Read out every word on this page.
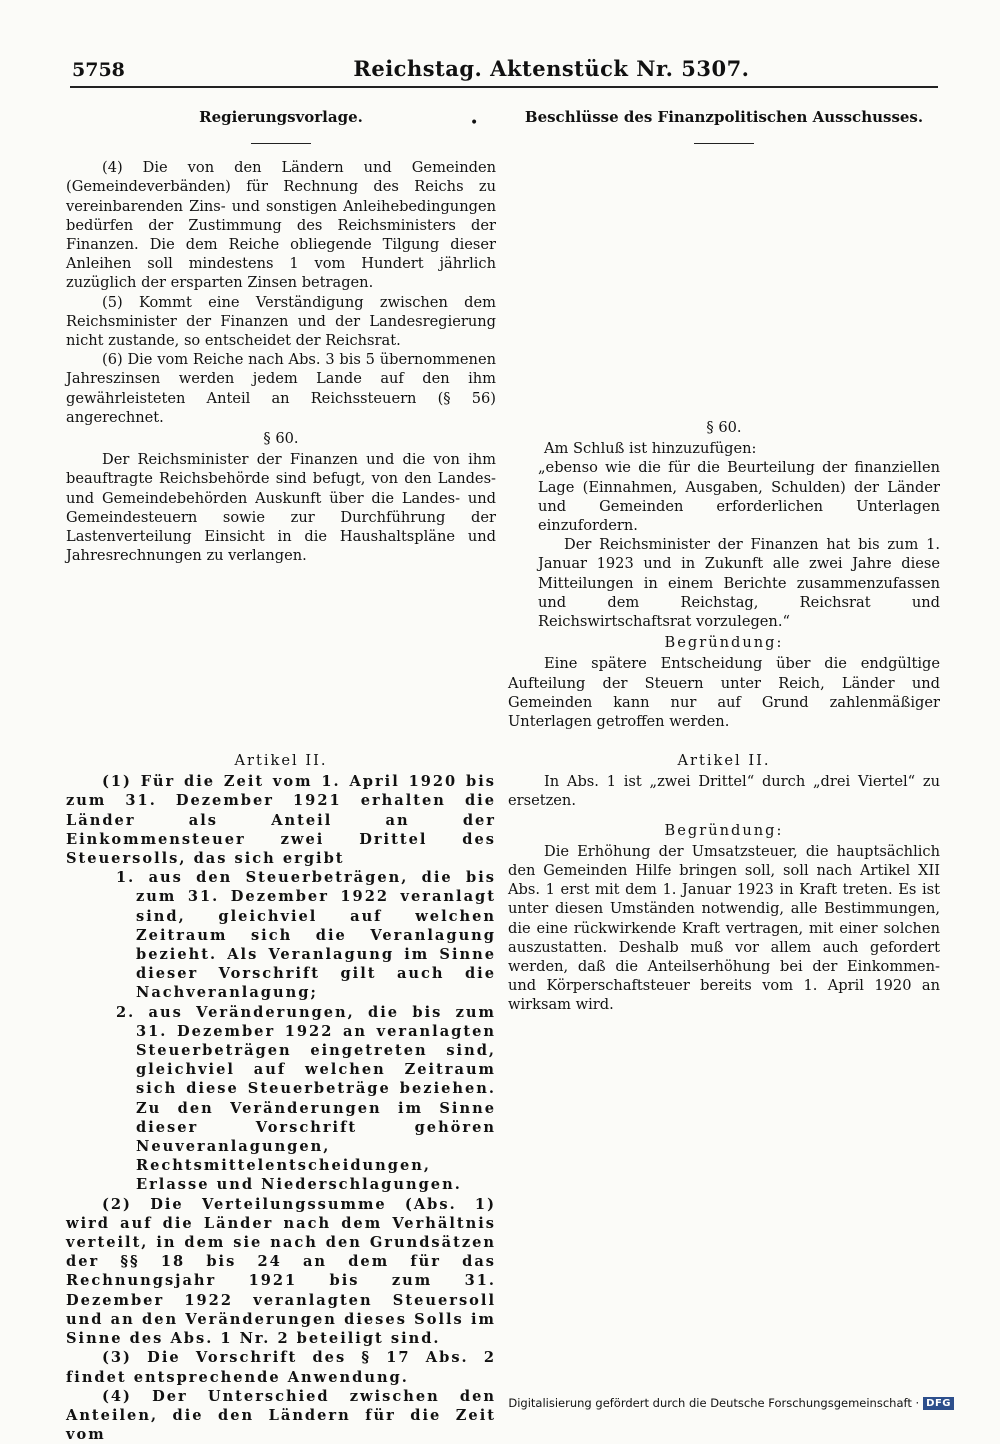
5758	Reichstag. Aktenstück Nr. 5307.
•
Regierungsvorlage.

(4) Die von den Ländern und Gemeinden (Gemeindeverbänden) für Rechnung des Reichs zu vereinbarenden Zins- und sonstigen Anleihebedingungen bedürfen der Zustimmung des Reichsministers der Finanzen. Die dem Reiche obliegende Tilgung dieser Anleihen soll mindestens 1 vom Hundert jährlich zuzüglich der ersparten Zinsen betragen.

(5) Kommt eine Verständigung zwischen dem Reichsminister der Finanzen und der Landesregierung nicht zustande, so entscheidet der Reichsrat.

(6) Die vom Reiche nach Abs. 3 bis 5 übernommenen Jahreszinsen werden jedem Lande auf den ihm gewährleisteten Anteil an Reichssteuern (§ 56) angerechnet.

§ 60.

Der Reichsminister der Finanzen und die von ihm beauftragte Reichsbehörde sind befugt, von den Landes- und Gemeindebehörden Auskunft über die Landes- und Gemeindesteuern sowie zur Durchführung der Lastenverteilung Einsicht in die Haushaltspläne und Jahresrechnungen zu verlangen.

Artikel II.

(1) Für die Zeit vom 1. April 1920 bis zum 31. Dezember 1921 erhalten die Länder als Anteil an der Einkommensteuer zwei Drittel des Steuersolls, das sich ergibt

1. aus den Steuerbeträgen, die bis zum 31. Dezember 1922 veranlagt sind, gleichviel auf welchen Zeitraum sich die Veranlagung bezieht. Als Veranlagung im Sinne dieser Vorschrift gilt auch die Nachveranlagung;

2. aus Veränderungen, die bis zum 31. Dezember 1922 an veranlagten Steuerbeträgen eingetreten sind, gleichviel auf welchen Zeitraum sich diese Steuerbeträge beziehen. Zu den Veränderungen im Sinne dieser Vorschrift gehören Neuveranlagungen, Rechtsmittelentscheidungen, Erlasse und Niederschlagungen.

(2) Die Verteilungssumme (Abs. 1) wird auf die Länder nach dem Verhältnis verteilt, in dem sie nach den Grundsätzen der §§ 18 bis 24 an dem für das Rechnungsjahr 1921 bis zum 31. Dezember 1922 veranlagten Steuersoll und an den Veränderungen dieses Solls im Sinne des Abs. 1 Nr. 2 beteiligt sind.

(3) Die Vorschrift des § 17 Abs. 2 findet entsprechende Anwendung.

(4) Der Unterschied zwischen den Anteilen, die den Ländern für die Zeit vom

Beschlüsse des Finanzpolitischen Ausschusses.

§ 60.

Am Schluß ist hinzuzufügen:

„ebenso wie die für die Beurteilung der finanziellen Lage (Einnahmen, Ausgaben, Schulden) der Länder und Gemeinden erforderlichen Unterlagen einzufordern.

Der Reichsminister der Finanzen hat bis zum 1. Januar 1923 und in Zukunft alle zwei Jahre diese Mitteilungen in einem Berichte zusammenzufassen und dem Reichstag, Reichsrat und Reichswirtschaftsrat vorzulegen.“

Begründung:

Eine spätere Entscheidung über die endgültige Aufteilung der Steuern unter Reich, Länder und Gemeinden kann nur auf Grund zahlenmäßiger Unterlagen getroffen werden.

Artikel II.

In Abs. 1 ist „zwei Drittel“ durch „drei Viertel“ zu ersetzen.

Begründung:

Die Erhöhung der Umsatzsteuer, die hauptsächlich den Gemeinden Hilfe bringen soll, soll nach Artikel XII Abs. 1 erst mit dem 1. Januar 1923 in Kraft treten. Es ist unter diesen Umständen notwendig, alle Bestimmungen, die eine rückwirkende Kraft vertragen, mit einer solchen auszustatten. Deshalb muß vor allem auch gefordert werden, daß die Anteilserhöhung bei der Einkommen- und Körperschaftsteuer bereits vom 1. April 1920 an wirksam wird.

Digitalisierung gefördert durch die Deutsche Forschungsgemeinschaft · DFG
